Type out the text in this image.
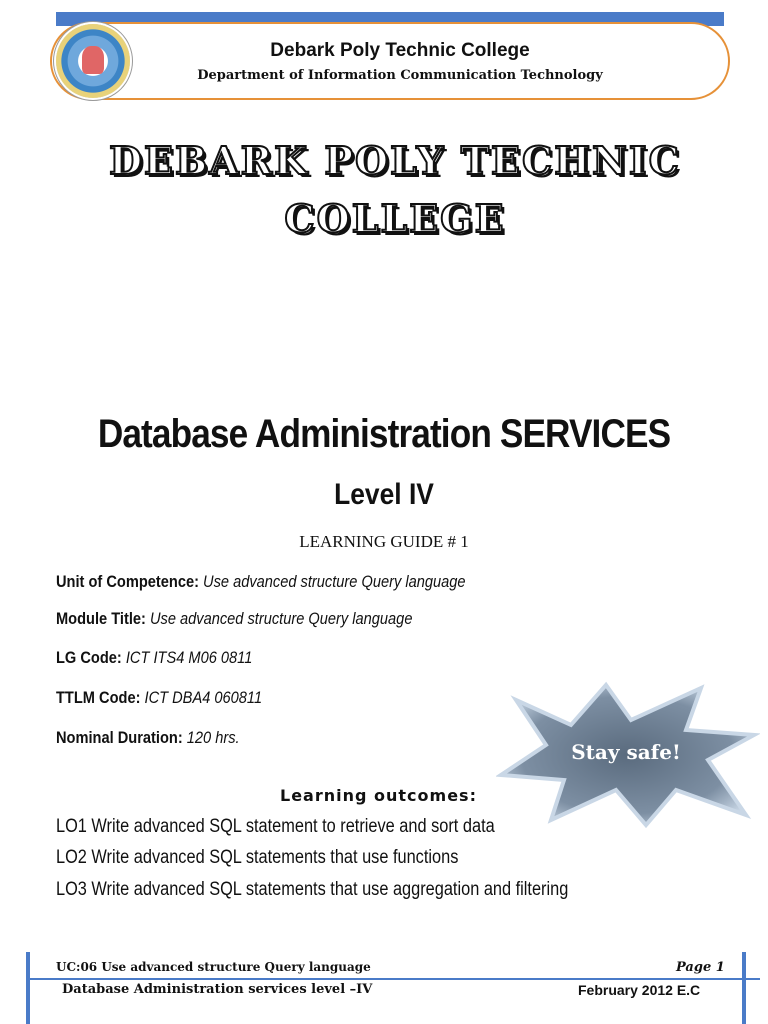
Debark Poly Technic College
Department of Information Communication Technology
DEBARK POLY TECHNIC
COLLEGE
Database Administration SERVICES
Level IV
LEARNING GUIDE # 1
Unit of Competence: Use advanced structure Query language
Module Title: Use advanced structure Query language
LG Code: ICT ITS4 M06 0811
TTLM Code: ICT DBA4 060811
Nominal Duration: 120 hrs.
Stay safe!
Learning outcomes:
LO1 Write advanced SQL statement to retrieve and sort data
LO2 Write advanced SQL statements that use functions
LO3 Write advanced SQL statements that use aggregation and filtering
UC:06 Use advanced structure Query language	Page 1
Database Administration services level –IV	February 2012 E.C
